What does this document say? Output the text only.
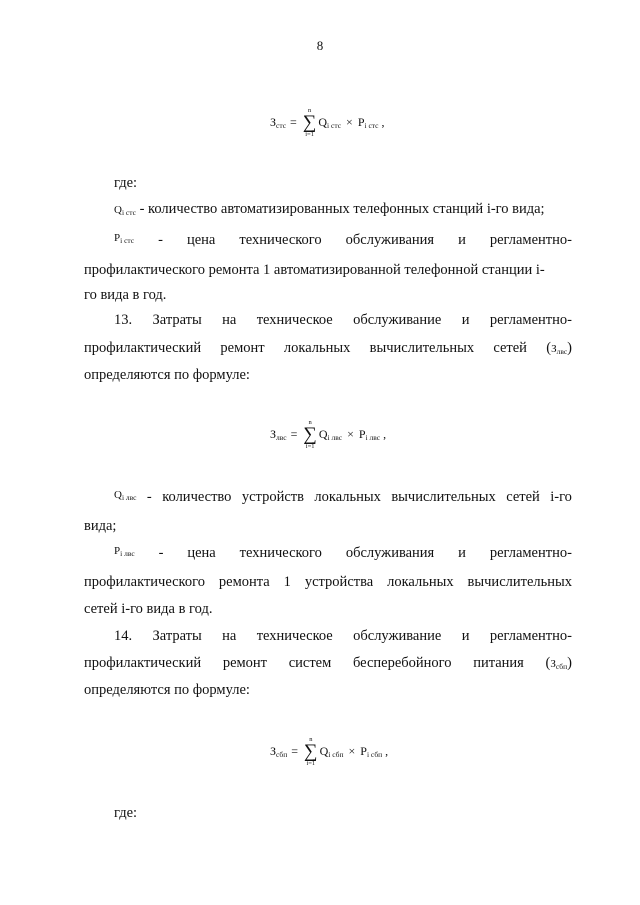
8
$З_{стс}$ =
n
∑
i=1
$Q_{i стс} \times P_{i стс}$ ,
где:
$Q_{i стс}$ - количество автоматизированных телефонных станций i-го вида;
$P_{i стс}$ - цена технического обслуживания и регламентно-
профилактического ремонта 1 автоматизированной телефонной станции i-
го вида в год.
13. Затраты на техническое обслуживание и регламентно-
профилактический ремонт локальных вычислительных сетей $(З_{лвс})$
определяются по формуле:
$З_{лвс}$ =
n
∑
i=1
$Q_{i лвс} \times P_{i лвс}$ ,
$Q_{i лвс}$ - количество устройств локальных вычислительных сетей i-го
вида;
$P_{i лвс}$ - цена технического обслуживания и регламентно-
профилактического ремонта 1 устройства локальных вычислительных
сетей i-го вида в год.
14. Затраты на техническое обслуживание и регламентно-
профилактический ремонт систем бесперебойного питания $(З_{сбп})$
определяются по формуле:
$З_{сбп}$ =
n
∑
i=1
$Q_{i сбп} \times P_{i сбп}$ ,
где:
